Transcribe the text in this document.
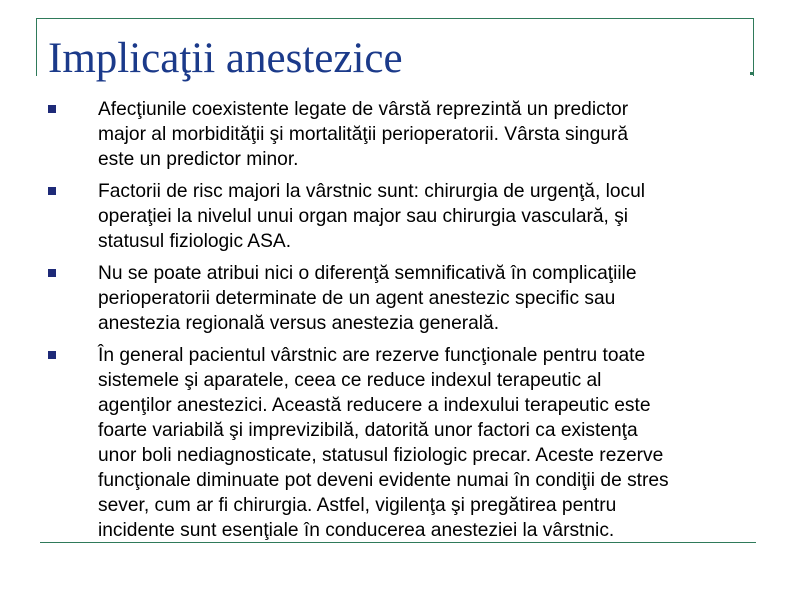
Implicaţii anestezice
Afecţiunile coexistente legate de vârstă reprezintă un predictor
major al morbidităţii şi mortalităţii perioperatorii. Vârsta singură
este un predictor minor.
Factorii de risc majori la vârstnic sunt: chirurgia de urgenţă, locul
operaţiei la nivelul unui organ major sau chirurgia vasculară, şi
statusul fiziologic ASA.
Nu se poate atribui nici o diferenţă semnificativă în complicaţiile
perioperatorii determinate de un agent anestezic specific sau
anestezia regională versus anestezia generală.
În general pacientul vârstnic are rezerve funcţionale pentru toate
sistemele şi aparatele, ceea ce reduce indexul terapeutic al
agenţilor anestezici. Această reducere a indexului terapeutic este
foarte variabilă şi imprevizibilă, datorită unor factori ca existenţa
unor boli nediagnosticate, statusul fiziologic precar. Aceste rezerve
funcţionale diminuate pot deveni evidente numai în condiţii de stres
sever, cum ar fi chirurgia. Astfel, vigilenţa şi pregătirea pentru
incidente sunt esenţiale în conducerea anesteziei la vârstnic.
